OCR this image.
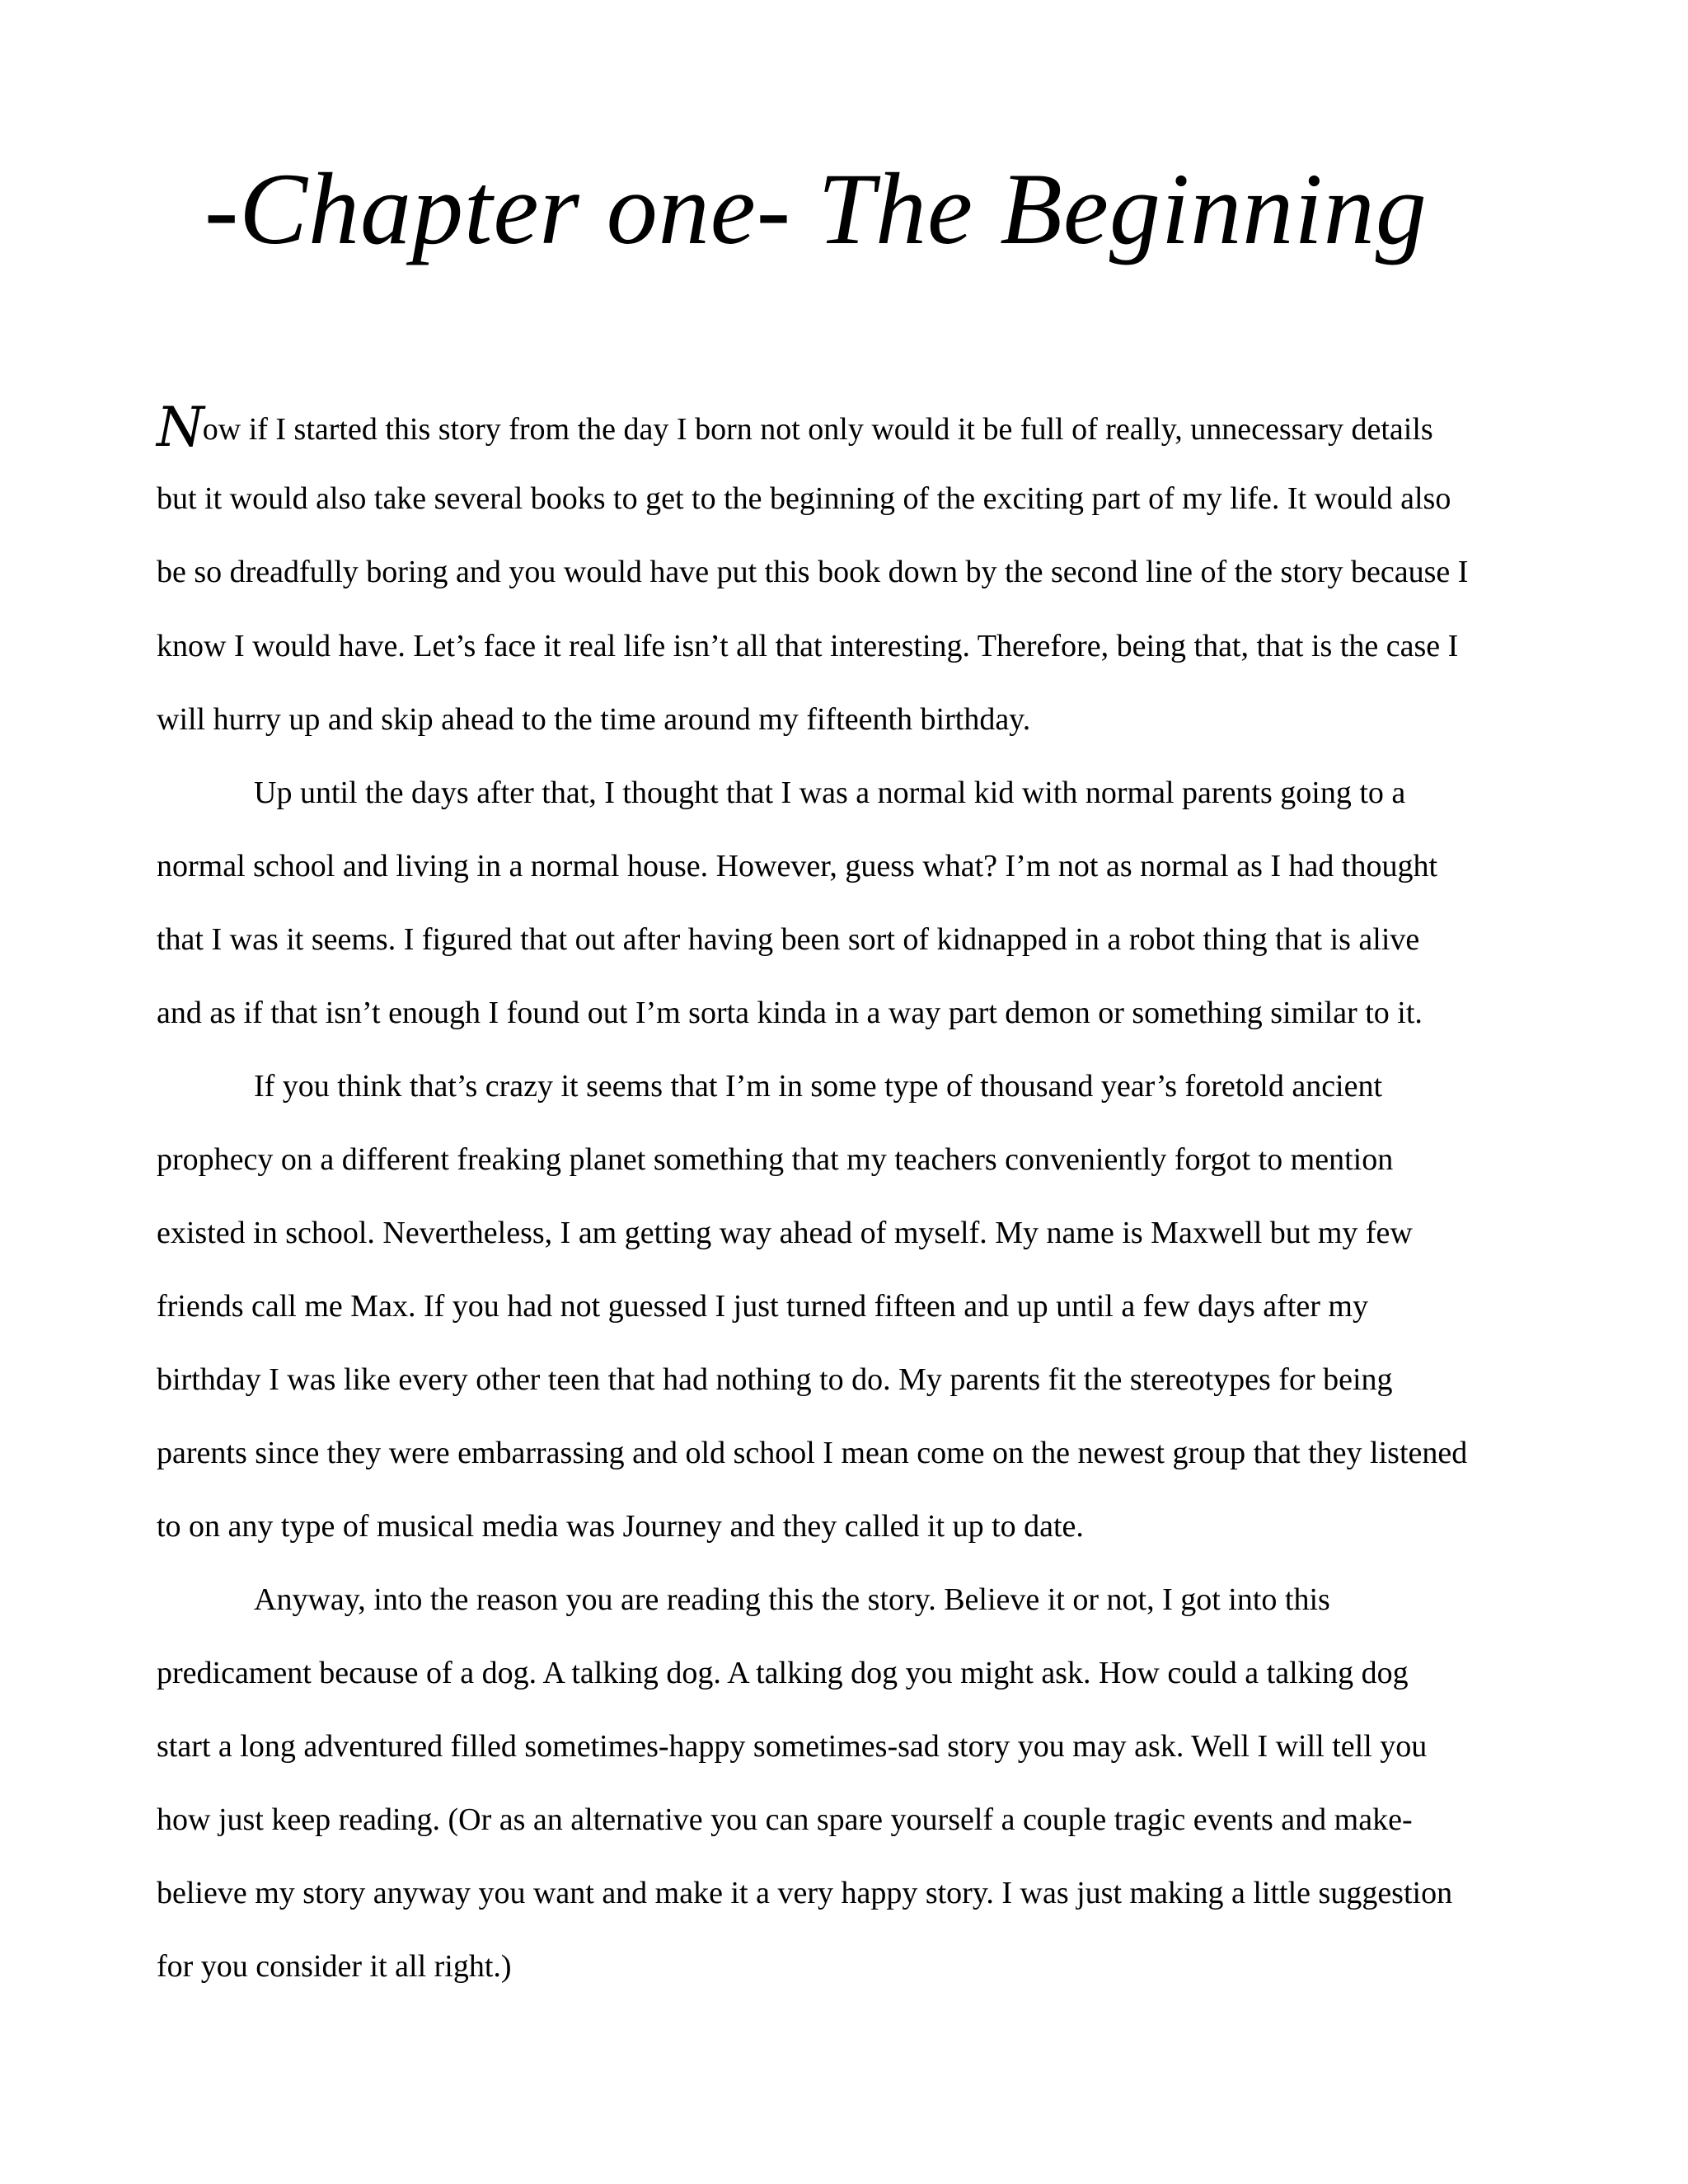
-Chapter one- The Beginning

Now if I started this story from the day I born not only would it be full of really, unnecessary details

but it would also take several books to get to the beginning of the exciting part of my life. It would also

be so dreadfully boring and you would have put this book down by the second line of the story because I

know I would have. Let’s face it real life isn’t all that interesting. Therefore, being that, that is the case I

will hurry up and skip ahead to the time around my fifteenth birthday.

Up until the days after that, I thought that I was a normal kid with normal parents going to a

normal school and living in a normal house. However, guess what? I’m not as normal as I had thought

that I was it seems. I figured that out after having been sort of kidnapped in a robot thing that is alive

and as if that isn’t enough I found out I’m sorta kinda in a way part demon or something similar to it.

If you think that’s crazy it seems that I’m in some type of thousand year’s foretold ancient

prophecy on a different freaking planet something that my teachers conveniently forgot to mention

existed in school. Nevertheless, I am getting way ahead of myself. My name is Maxwell but my few

friends call me Max. If you had not guessed I just turned fifteen and up until a few days after my

birthday I was like every other teen that had nothing to do. My parents fit the stereotypes for being

parents since they were embarrassing and old school I mean come on the newest group that they listened

to on any type of musical media was Journey and they called it up to date.

Anyway, into the reason you are reading this the story. Believe it or not, I got into this

predicament because of a dog. A talking dog. A talking dog you might ask. How could a talking dog

start a long adventured filled sometimes-happy sometimes-sad story you may ask. Well I will tell you

how just keep reading. (Or as an alternative you can spare yourself a couple tragic events and make-

believe my story anyway you want and make it a very happy story. I was just making a little suggestion

for you consider it all right.)
